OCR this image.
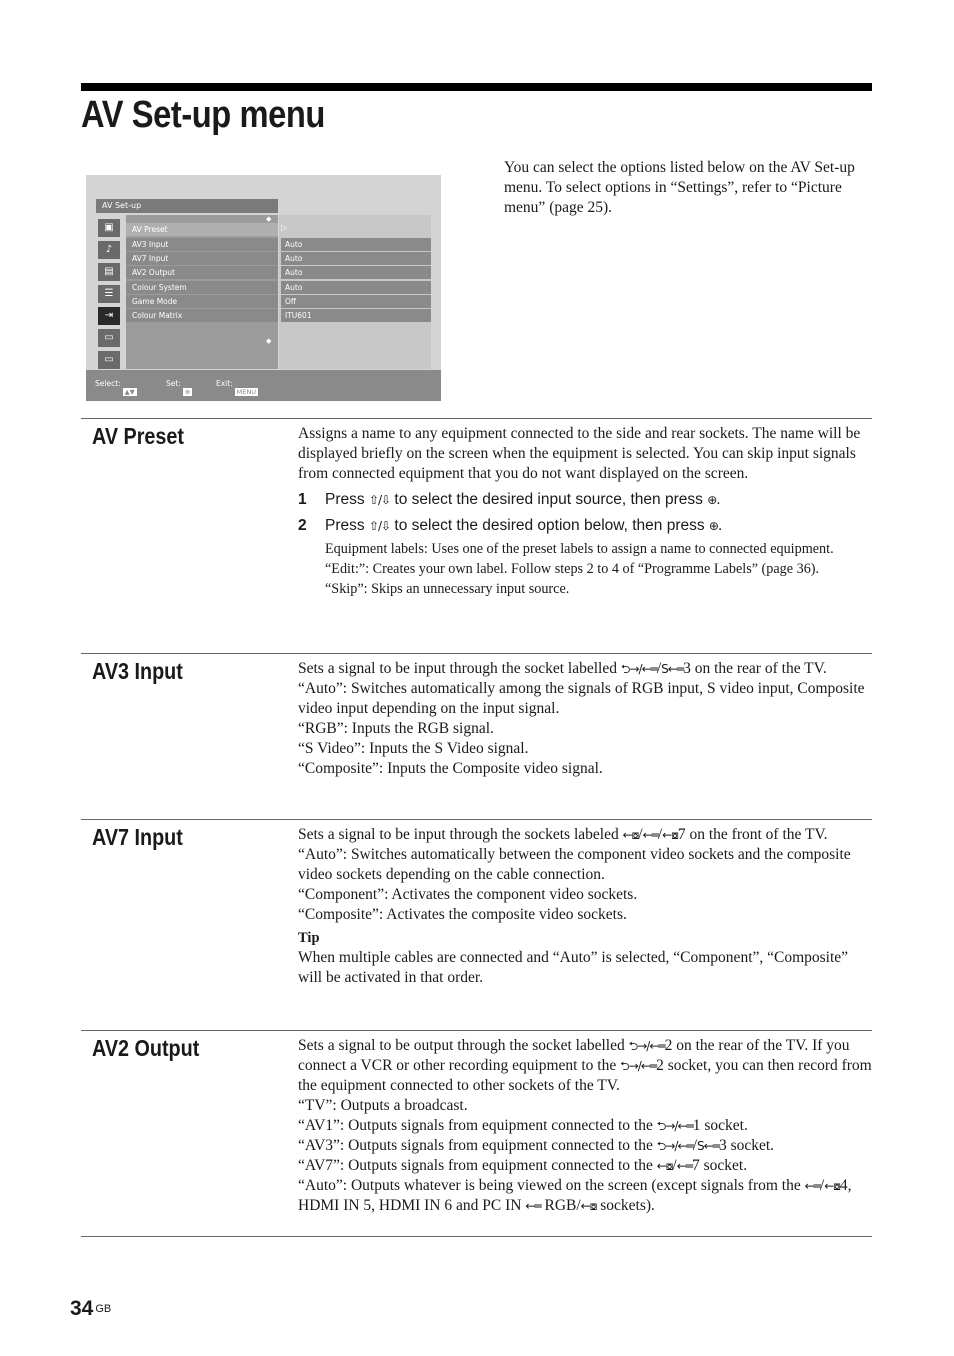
AV Set-up menu

You can select the options listed below on the AV Set-up menu. To select options in “Settings”, refer to “Picture menu” (page 25).

AV Set-up
▣
♪
▤
☰
⇥
▭
▭
◆
AV Preset	▷
AV3 Input	Auto
AV7 Input	Auto
AV2 Output	Auto
Colour System	Auto
Game Mode	Off
Colour Matrix	ITU601
◆
Select:
▲▼
Set:
⊕
Exit:
MENU
AV Preset	Assigns a name to any equipment connected to the side and rear sockets. The name will be displayed briefly on the screen when the equipment is selected. You can skip input signals from connected equipment that you do not want displayed on the screen.

1 Press ⇧/⇩ to select the desired input source, then press ⊕.
2 Press ⇧/⇩ to select the desired option below, then press ⊕.

Equipment labels: Uses one of the preset labels to assign a name to connected equipment.

“Edit:”: Creates your own label. Follow steps 2 to 4 of “Programme Labels” (page 36).

“Skip”: Skips an unnecessary input source.

AV3 Input	Sets a signal to be input through the socket labelled ⮌→/←═/S←═3 on the rear of the TV.

“Auto”: Switches automatically among the signals of RGB input, S video input, Composite video input depending on the input signal.

“RGB”: Inputs the RGB signal.

“S Video”: Inputs the S Video signal.

“Composite”: Inputs the Composite video signal.

AV7 Input	Sets a signal to be input through the sockets labeled ←⧇/←═/←⧇7 on the front of the TV.

“Auto”: Switches automatically between the component video sockets and the composite video sockets depending on the cable connection.

“Component”: Activates the component video sockets.

“Composite”: Activates the composite video sockets.

Tip

When multiple cables are connected and “Auto” is selected, “Component”, “Composite” will be activated in that order.

AV2 Output	Sets a signal to be output through the socket labelled ⮌→/←═2 on the rear of the TV. If you connect a VCR or other recording equipment to the ⮌→/←═2 socket, you can then record from the equipment connected to other sockets of the TV.

“TV”: Outputs a broadcast.

“AV1”: Outputs signals from equipment connected to the ⮌→/←═1 socket.

“AV3”: Outputs signals from equipment connected to the ⮌→/←═/S←═3 socket.

“AV7”: Outputs signals from equipment connected to the ←⧇/←═7 socket.

“Auto”: Outputs whatever is being viewed on the screen (except signals from the ←═/←⧇4, HDMI IN 5, HDMI IN 6 and PC IN ←═ RGB/←⧇ sockets).

34 GB
